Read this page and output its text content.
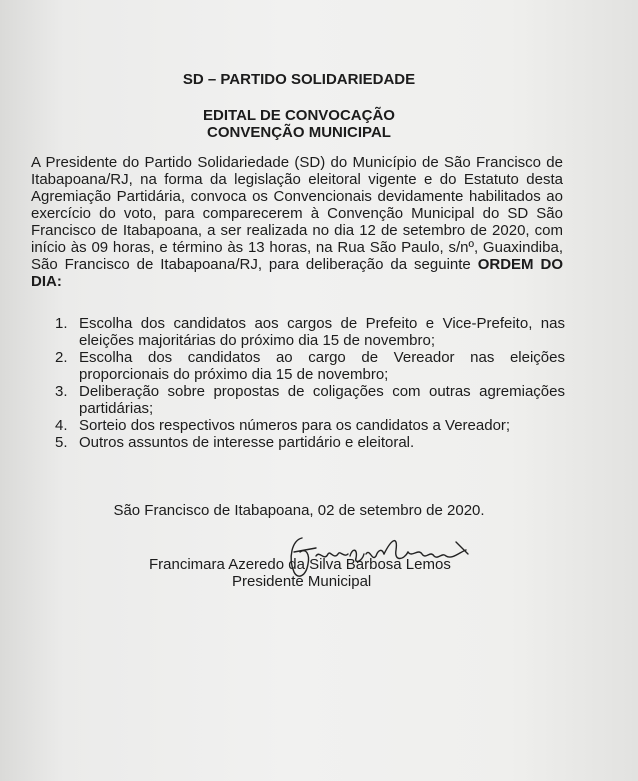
SD – PARTIDO SOLIDARIEDADE
EDITAL DE CONVOCAÇÃO
CONVENÇÃO MUNICIPAL
A Presidente do Partido Solidariedade (SD) do Município de São Francisco de Itabapoana/RJ, na forma da legislação eleitoral vigente e do Estatuto desta Agremiação Partidária, convoca os Convencionais devidamente habilitados ao exercício do voto, para comparecerem à Convenção Municipal do SD São Francisco de Itabapoana, a ser realizada no dia 12 de setembro de 2020, com início às 09 horas, e término às 13 horas, na Rua São Paulo, s/nº, Guaxindiba, São Francisco de Itabapoana/RJ, para deliberação da seguinte ORDEM DO DIA:
1. Escolha dos candidatos aos cargos de Prefeito e Vice-Prefeito, nas eleições majoritárias do próximo dia 15 de novembro;
2. Escolha dos candidatos ao cargo de Vereador nas eleições proporcionais do próximo dia 15 de novembro;
3. Deliberação sobre propostas de coligações com outras agremiações partidárias;
4. Sorteio dos respectivos números para os candidatos a Vereador;
5. Outros assuntos de interesse partidário e eleitoral.
São Francisco de Itabapoana, 02 de setembro de 2020.
Francimara Azeredo da Silva Barbosa Lemos
Presidente Municipal
